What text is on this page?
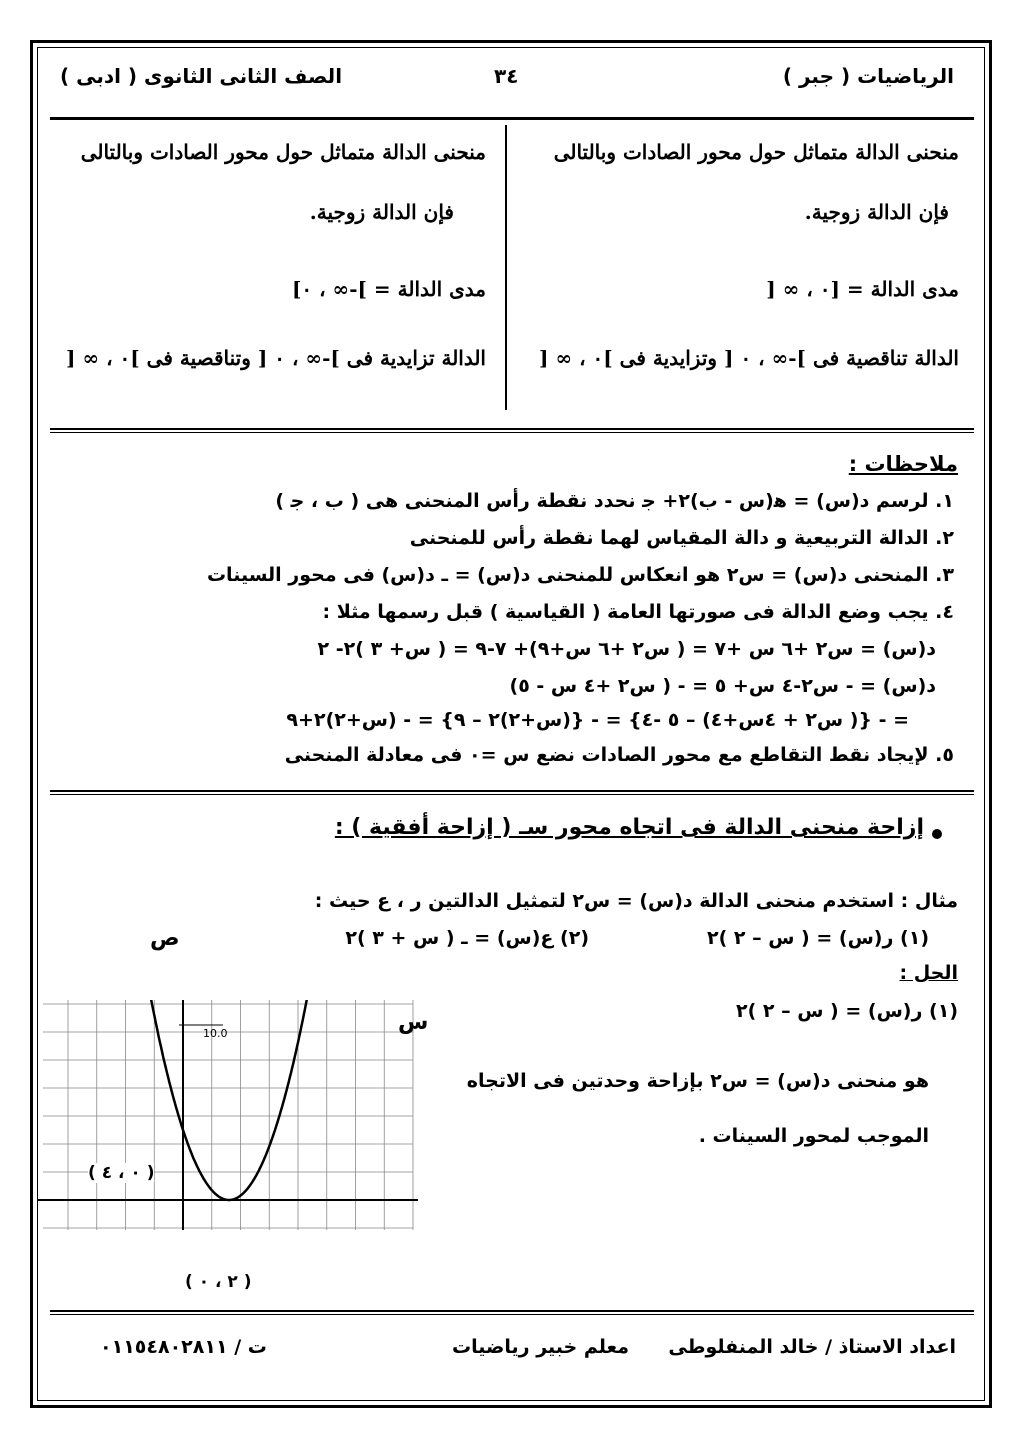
الرياضيات ( جبر )
٣٤
الصف الثانى الثانوى ( ادبى )
منحنى الدالة متماثل حول محور الصادات وبالتالى
فإن الدالة زوجية.
مدى الدالة = [٠ ، ∞ [
الدالة تناقصية فى ]-∞ ، ٠ [ وتزايدية فى ]٠ ، ∞ [
منحنى الدالة متماثل حول محور الصادات وبالتالى
فإن الدالة زوجية.
مدى الدالة = ]-∞ ، ٠]
الدالة تزايدية فى ]-∞ ، ٠ [ وتناقصية فى ]٠ ، ∞ [
ملاحظات :
١. لرسم د(س) = ﻫ(س - ب)٢+ ﺟ نحدد نقطة رأس المنحنى هى ( ب ، ﺟ )
٢. الدالة التربيعية و دالة المقياس لهما نقطة رأس للمنحنى
٣. المنحنى د(س) = س٢ هو انعكاس للمنحنى د(س) = ـ د(س) فى محور السينات
٤. يجب وضع الدالة فى صورتها العامة ( القياسية ) قبل رسمها مثلا :
د(س) = س٢ +٦ س +٧ = ( س٢ +٦ س+٩)+ ٧-٩ = ( س+ ٣ )٢- ٢
د(س) = - س٢-٤ س+ ٥ = - ( س٢ +٤ س - ٥)
= - {( س٢ + ٤س+٤) – ٥ -٤} = - {(س+٢)٢ – ٩} = - (س+٢)٢+٩
٥. لإيجاد نقط التقاطع مع محور الصادات نضع س =٠ فى معادلة المنحنى
إزاحة منحنى الدالة فى اتجاه محور سـ ( إزاحة أفقية ) :
مثال : استخدم منحنى الدالة د(س) = س٢ لتمثيل الدالتين ر ، ع حيث :
(١) ر(س) = ( س – ٢ )٢
(٢) ع(س) = ـ ( س + ٣ )٢
الحل :
(١) ر(س) = ( س – ٢ )٢
هو منحنى د(س) = س٢ بإزاحة وحدتين فى الاتجاه
الموجب لمحور السينات .
10.0
ص
س
( ٠ ، ٤ )
( ٢ ، ٠ )
اعداد الاستاذ / خالد المنفلوطى
معلم خبير رياضيات
ت / ٠١١٥٤٨٠٢٨١١
